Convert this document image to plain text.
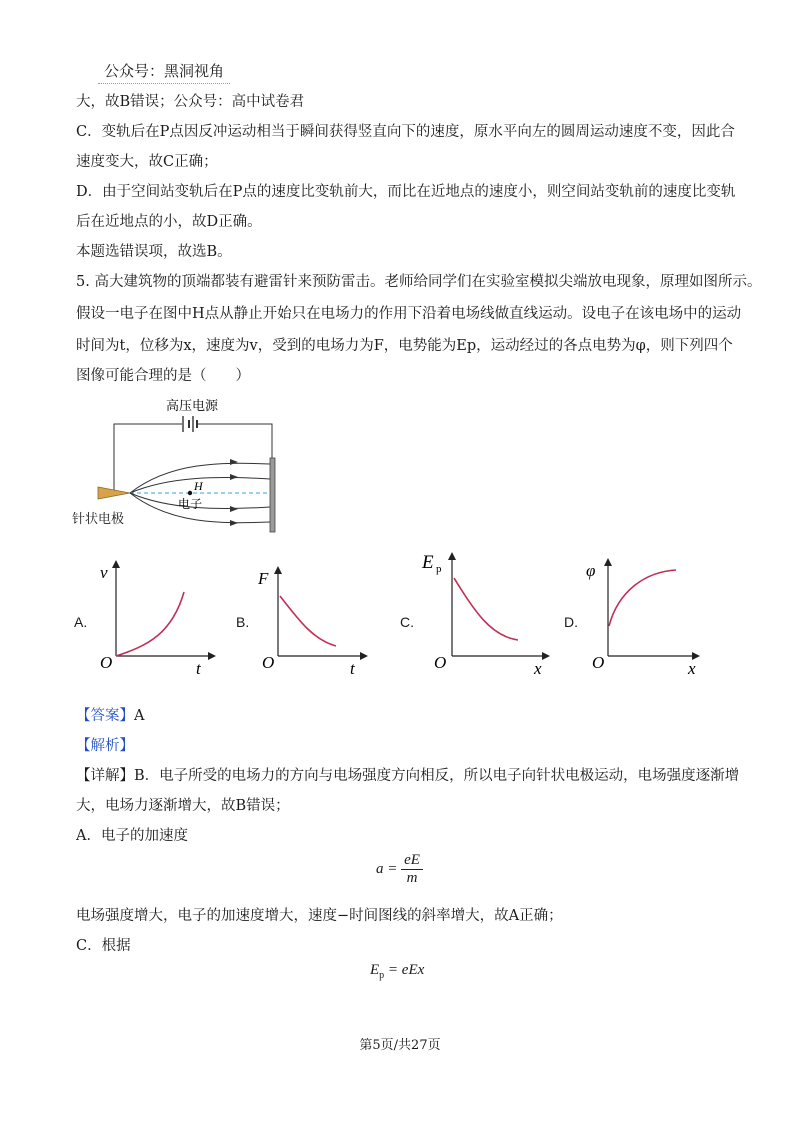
公众号：黑洞视角
大，故B错误；公众号：高中试卷君
C．变轨后在P点因反冲运动相当于瞬间获得竖直向下的速度，原水平向左的圆周运动速度不变，因此合
速度变大，故C正确；
D．由于空间站变轨后在P点的速度比变轨前大，而比在近地点的速度小，则空间站变轨前的速度比变轨
后在近地点的小，故D正确。
本题选错误项，故选B。
5. 高大建筑物的顶端都装有避雷针来预防雷击。老师给同学们在实验室模拟尖端放电现象，原理如图所示。
假设一电子在图中H点从静止开始只在电场力的作用下沿着电场线做直线运动。设电子在该电场中的运动
时间为t，位移为x，速度为v，受到的电场力为F，电势能为Ep，运动经过的各点电势为φ，则下列四个
图像可能合理的是（　　）
高压电源
H
电子
针状电极
A.
v
O	t
B.
F
O	t
C.
E p
O	x
D.
φ
O	x
【答案】A
【解析】
【详解】B．电子所受的电场力的方向与电场强度方向相反，所以电子向针状电极运动，电场强度逐渐增
大，电场力逐渐增大，故B错误；
A．电子的加速度
$a = \frac{eE}{m}$
电场强度增大，电子的加速度增大，速度−时间图线的斜率增大，故A正确；
C．根据
$E_p$ = eEx
第5页/共27页
